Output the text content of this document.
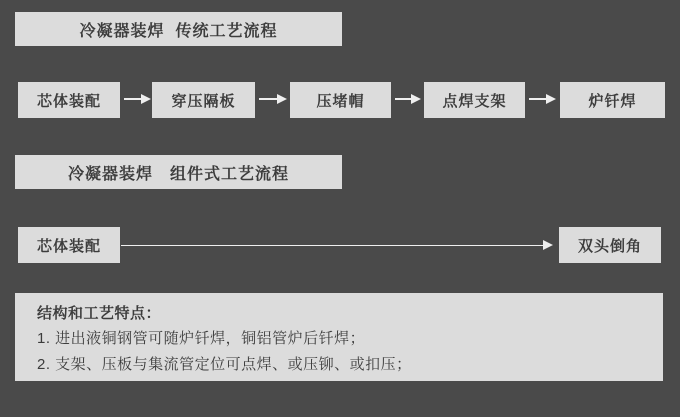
冷凝器装焊  传统工艺流程
芯体装配	穿压隔板	压堵帽	点焊支架	炉钎焊
冷凝器装焊　组件式工艺流程
芯体装配	双头倒角
结构和工艺特点：
1. 进出液铜钢管可随炉钎焊，铜铝管炉后钎焊；
2. 支架、压板与集流管定位可点焊、或压铆、或扣压；
